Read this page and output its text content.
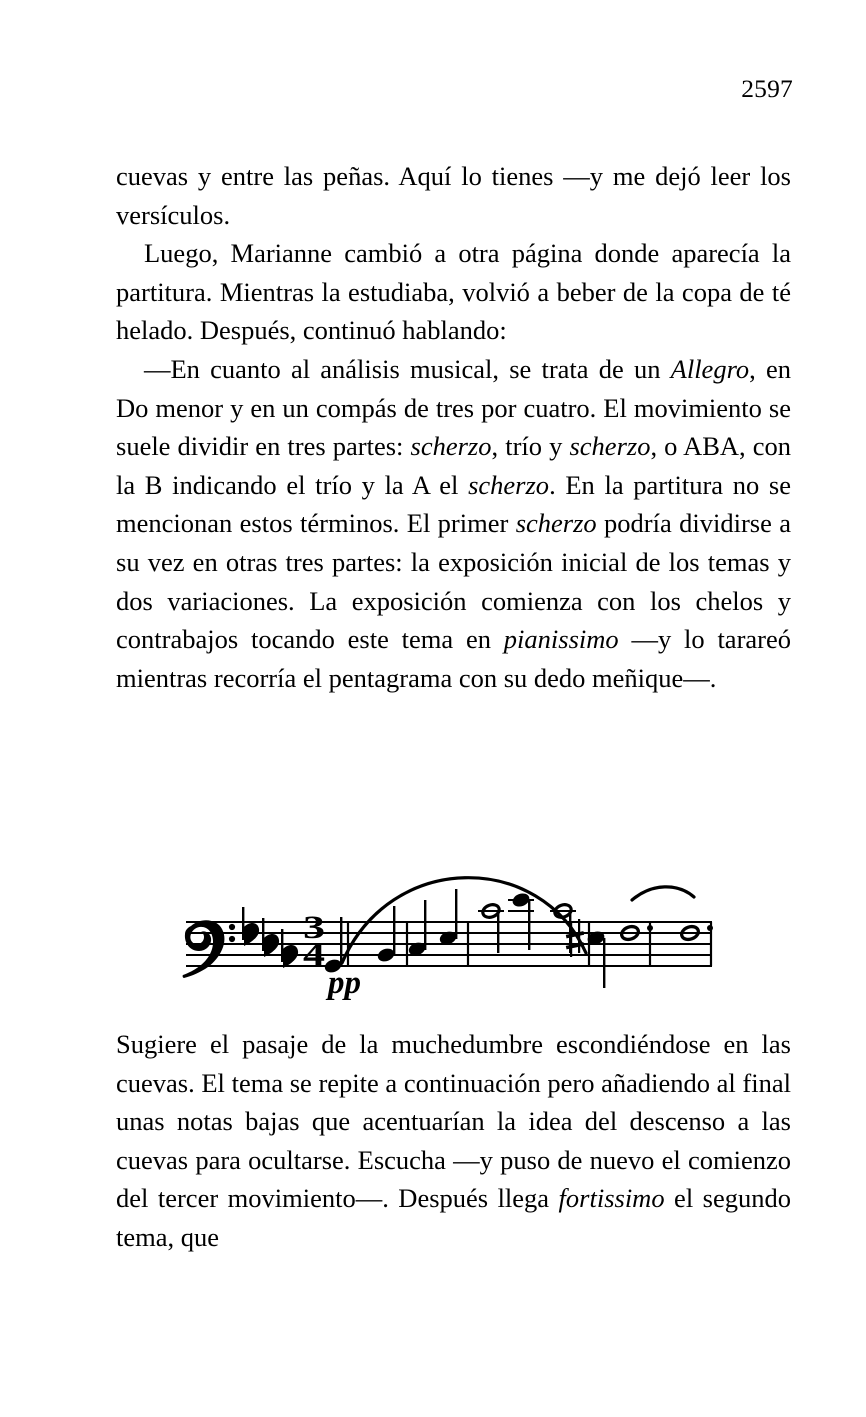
2597

cuevas y entre las peñas. Aquí lo tienes —y me dejó leer los versículos.

Luego, Marianne cambió a otra página donde aparecía la partitura. Mientras la estudiaba, volvió a beber de la copa de té helado. Después, continuó hablando:

—En cuanto al análisis musical, se trata de un Allegro, en Do menor y en un compás de tres por cuatro. El movimiento se suele dividir en tres partes: scherzo, trío y scherzo, o ABA, con la B indicando el trío y la A el scherzo. En la partitura no se mencionan estos términos. El primer scherzo podría dividirse a su vez en otras tres partes: la exposición inicial de los temas y dos variaciones. La exposición comienza con los chelos y contrabajos tocando este tema en pianissimo —y lo tarareó mientras recorría el pentagrama con su dedo meñique—.

3
4
pp

Sugiere el pasaje de la muchedumbre escondiéndose en las cuevas. El tema se repite a continuación pero añadiendo al final unas notas bajas que acentuarían la idea del descenso a las cuevas para ocultarse. Escucha —y puso de nuevo el comienzo del tercer movimiento—. Después llega fortissimo el segundo tema, que
